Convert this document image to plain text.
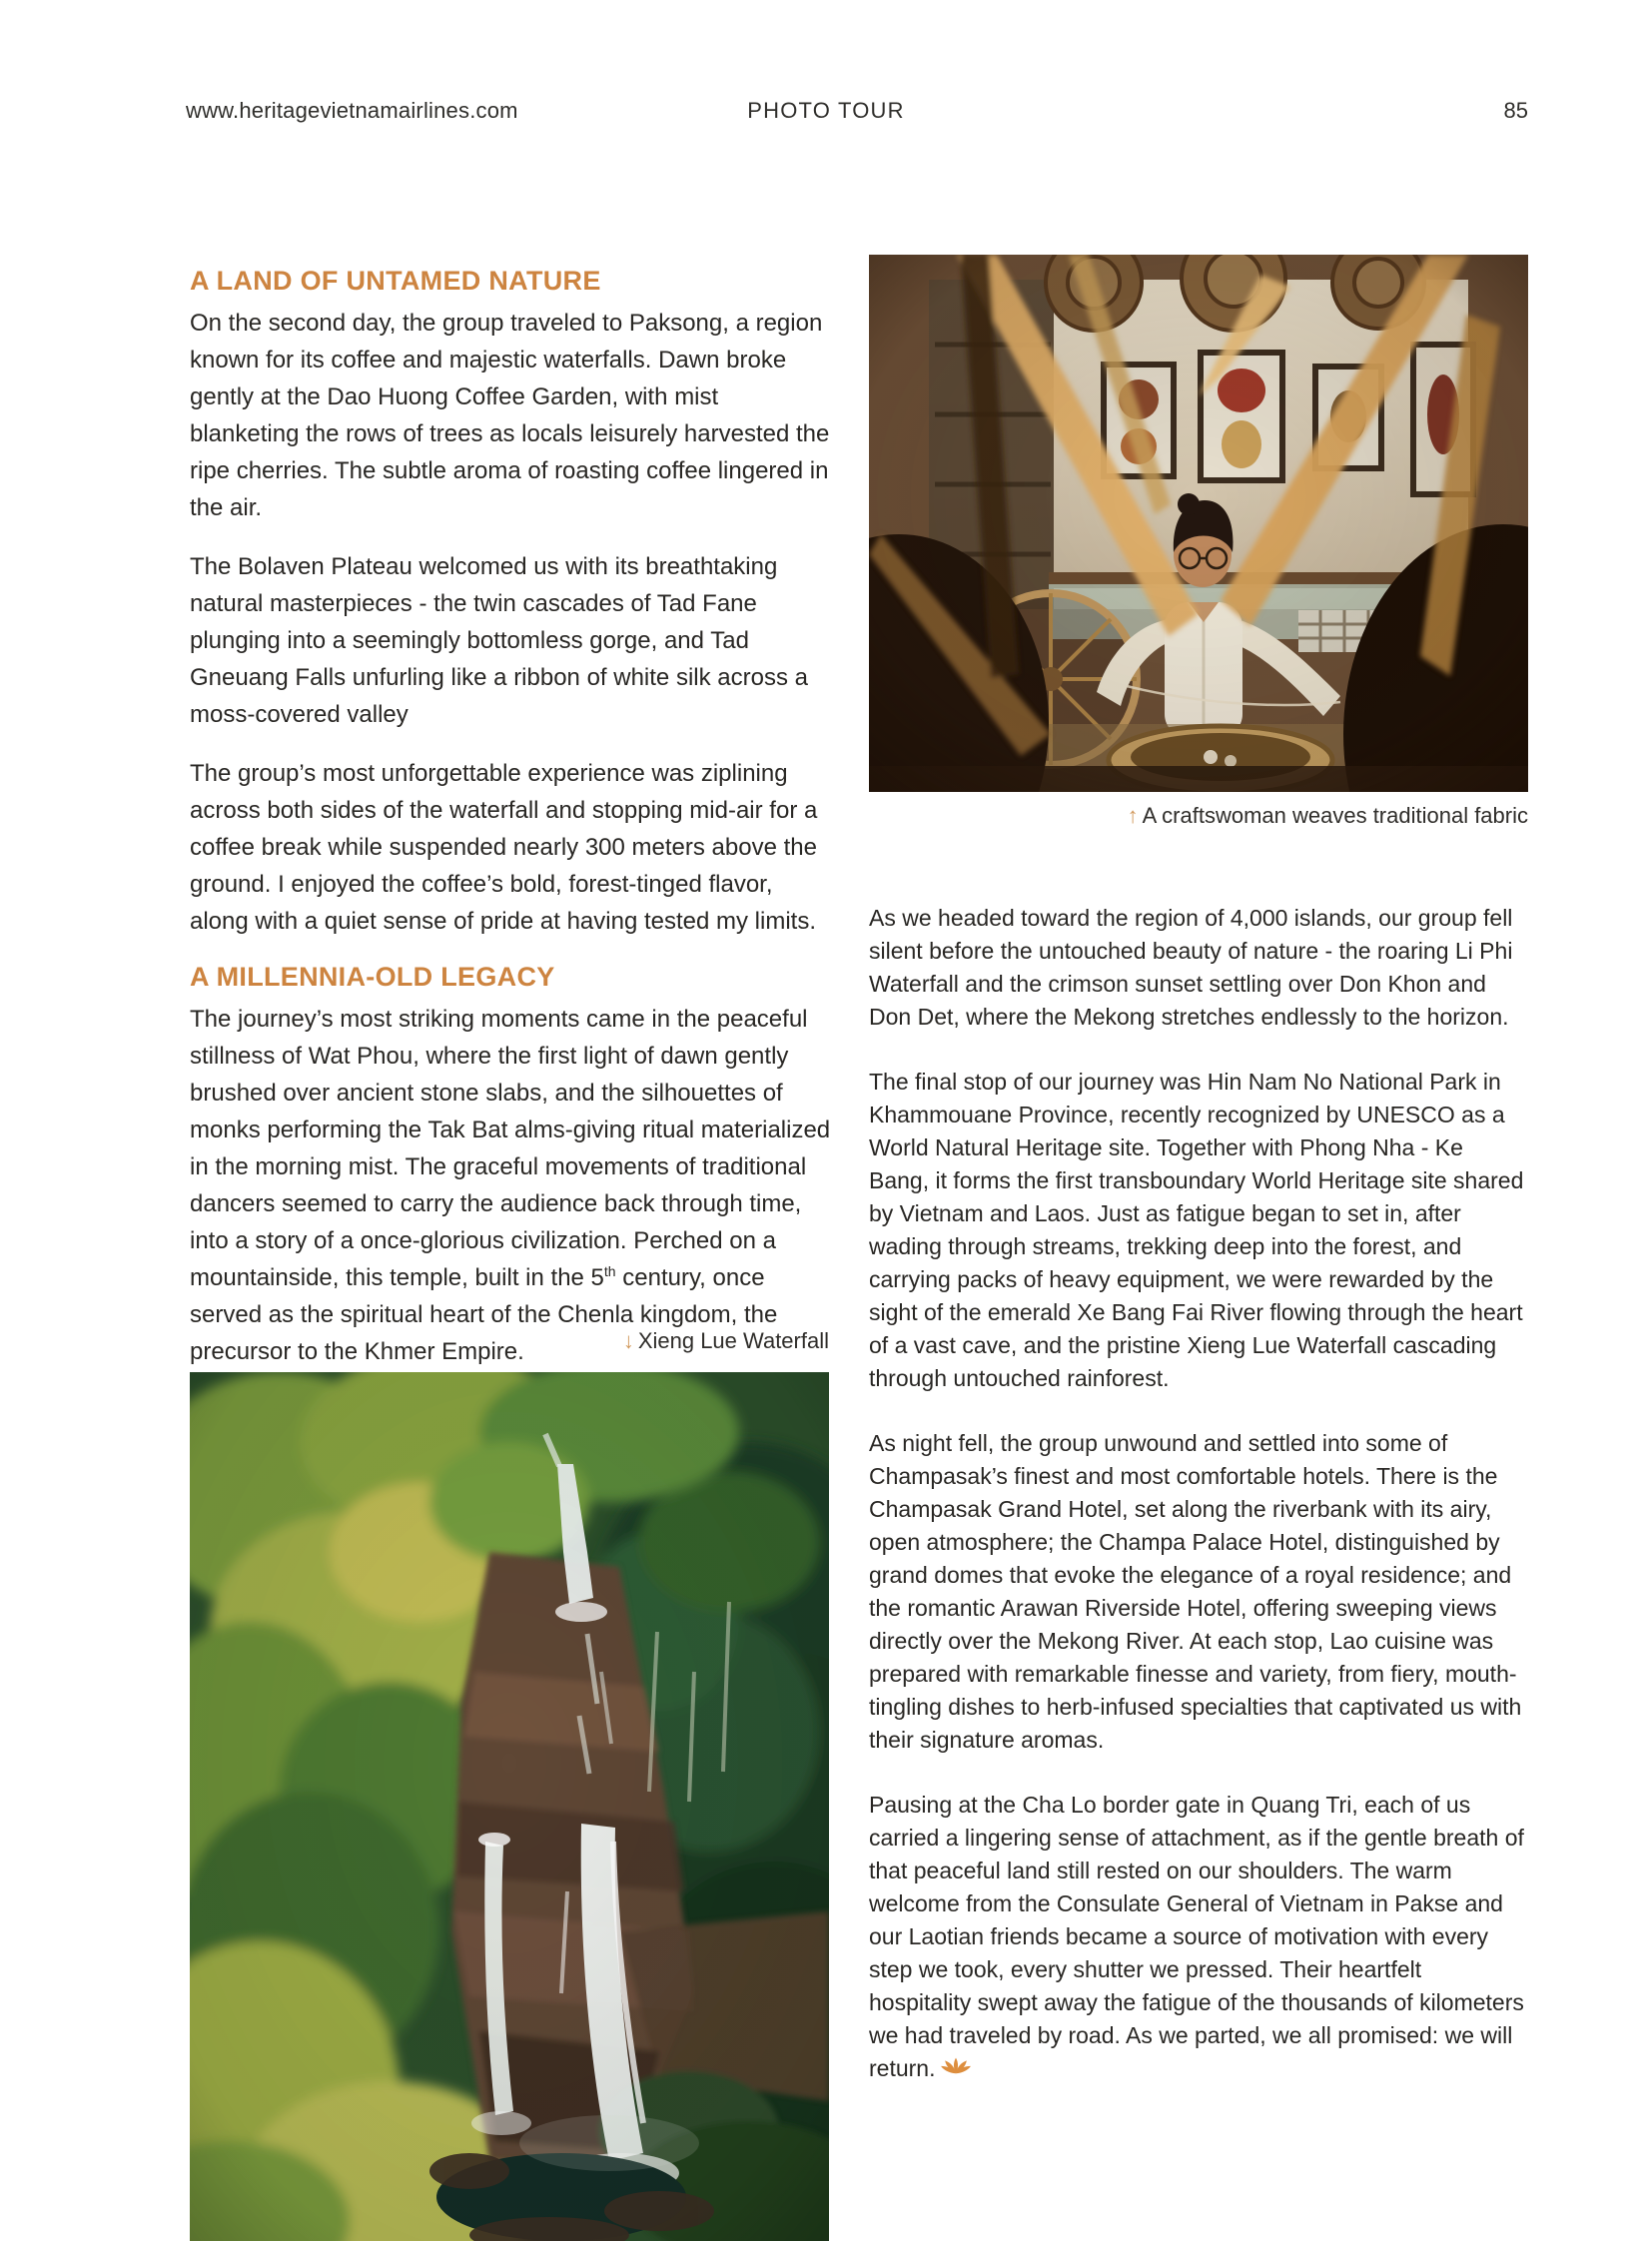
www.heritagevietnamairlines.com	PHOTO TOUR	85
A LAND OF UNTAMED NATURE

On the second day, the group traveled to Paksong, a region known for its coffee and majestic waterfalls. Dawn broke gently at the Dao Huong Coffee Garden, with mist blanketing the rows of trees as locals leisurely harvested the ripe cherries. The subtle aroma of roasting coffee lingered in the air.

The Bolaven Plateau welcomed us with its breathtaking natural masterpieces - the twin cascades of Tad Fane plunging into a seemingly bottomless gorge, and Tad Gneuang Falls unfurling like a ribbon of white silk across a moss-covered valley

The group’s most unforgettable experience was ziplining across both sides of the waterfall and stopping mid-air for a coffee break while suspended nearly 300 meters above the ground. I enjoyed the coffee’s bold, forest-tinged flavor, along with a quiet sense of pride at having tested my limits.

A MILLENNIA-OLD LEGACY

The journey’s most striking moments came in the peaceful stillness of Wat Phou, where the first light of dawn gently brushed over ancient stone slabs, and the silhouettes of monks performing the Tak Bat alms-giving ritual materialized in the morning mist. The graceful movements of traditional dancers seemed to carry the audience back through time, into a story of a once-glorious civilization. Perched on a mountainside, this temple, built in the 5th century, once served as the spiritual heart of the Chenla kingdom, the precursor to the Khmer Empire.	↓ Xieng Lue Waterfall
↑ A craftswoman weaves traditional fabric

As we headed toward the region of 4,000 islands, our group fell silent before the untouched beauty of nature - the roaring Li Phi Waterfall and the crimson sunset settling over Don Khon and Don Det, where the Mekong stretches endlessly to the horizon.

The final stop of our journey was Hin Nam No National Park in Khammouane Province, recently recognized by UNESCO as a World Natural Heritage site. Together with Phong Nha - Ke Bang, it forms the first transboundary World Heritage site shared by Vietnam and Laos. Just as fatigue began to set in, after wading through streams, trekking deep into the forest, and carrying packs of heavy equipment, we were rewarded by the sight of the emerald Xe Bang Fai River flowing through the heart of a vast cave, and the pristine Xieng Lue Waterfall cascading through untouched rainforest.

As night fell, the group unwound and settled into some of Champasak’s finest and most comfortable hotels. There is the Champasak Grand Hotel, set along the riverbank with its airy, open atmosphere; the Champa Palace Hotel, distinguished by grand domes that evoke the elegance of a royal residence; and the romantic Arawan Riverside Hotel, offering sweeping views directly over the Mekong River. At each stop, Lao cuisine was prepared with remarkable finesse and variety, from fiery, mouth-tingling dishes to herb-infused specialties that captivated us with their signature aromas.

Pausing at the Cha Lo border gate in Quang Tri, each of us carried a lingering sense of attachment, as if the gentle breath of that peaceful land still rested on our shoulders. The warm welcome from the Consulate General of Vietnam in Pakse and our Laotian friends became a source of motivation with every step we took, every shutter we pressed. Their heartfelt hospitality swept away the fatigue of the thousands of kilometers we had traveled by road. As we parted, we all promised: we will return.
